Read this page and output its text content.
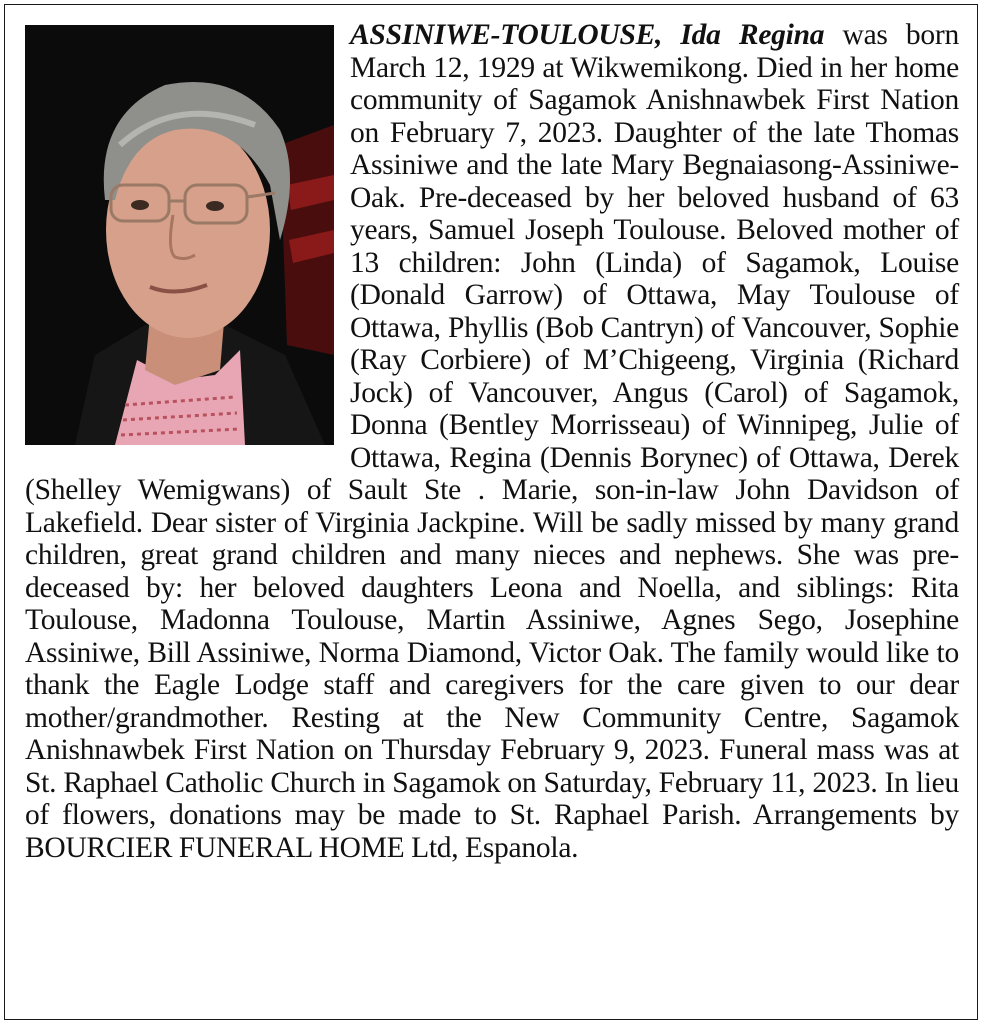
ASSINIWE-TOULOUSE, Ida Regina was born March 12, 1929 at Wikwemikong. Died in her home community of Sagamok Anishnawbek First Nation on February 7, 2023. Daughter of the late Thomas Assiniwe and the late Mary Begnaiasong-Assiniwe-Oak. Pre-deceased by her beloved husband of 63 years, Samuel Joseph Toulouse. Beloved mother of 13 children: John (Linda) of Sagamok, Louise (Donald Garrow) of Ottawa, May Toulouse of Ottawa, Phyllis (Bob Cantryn) of Vancouver, Sophie (Ray Corbiere) of M’Chigeeng, Virginia (Richard Jock) of Vancouver, Angus (Carol) of Sagamok, Donna (Bentley Morrisseau) of Winnipeg, Julie of Ottawa, Regina (Dennis Borynec) of Ottawa, Derek (Shelley Wemigwans) of Sault Ste . Marie, son-in-law John Davidson of Lakefield. Dear sister of Virginia Jackpine. Will be sadly missed by many grand children, great grand children and many nieces and nephews. She was pre-deceased by: her beloved daughters Leona and Noella, and siblings: Rita Toulouse, Madonna Toulouse, Martin Assiniwe, Agnes Sego, Josephine Assiniwe, Bill Assiniwe, Norma Diamond, Victor Oak. The family would like to thank the Eagle Lodge staff and caregivers for the care given to our dear mother/grandmother. Resting at the New Community Centre, Sagamok Anishnawbek First Nation on Thursday February 9, 2023. Funeral mass was at St. Raphael Catholic Church in Sagamok on Saturday, February 11, 2023. In lieu of flowers, donations may be made to St. Raphael Parish. Arrangements by BOURCIER FUNERAL HOME Ltd, Espanola.
